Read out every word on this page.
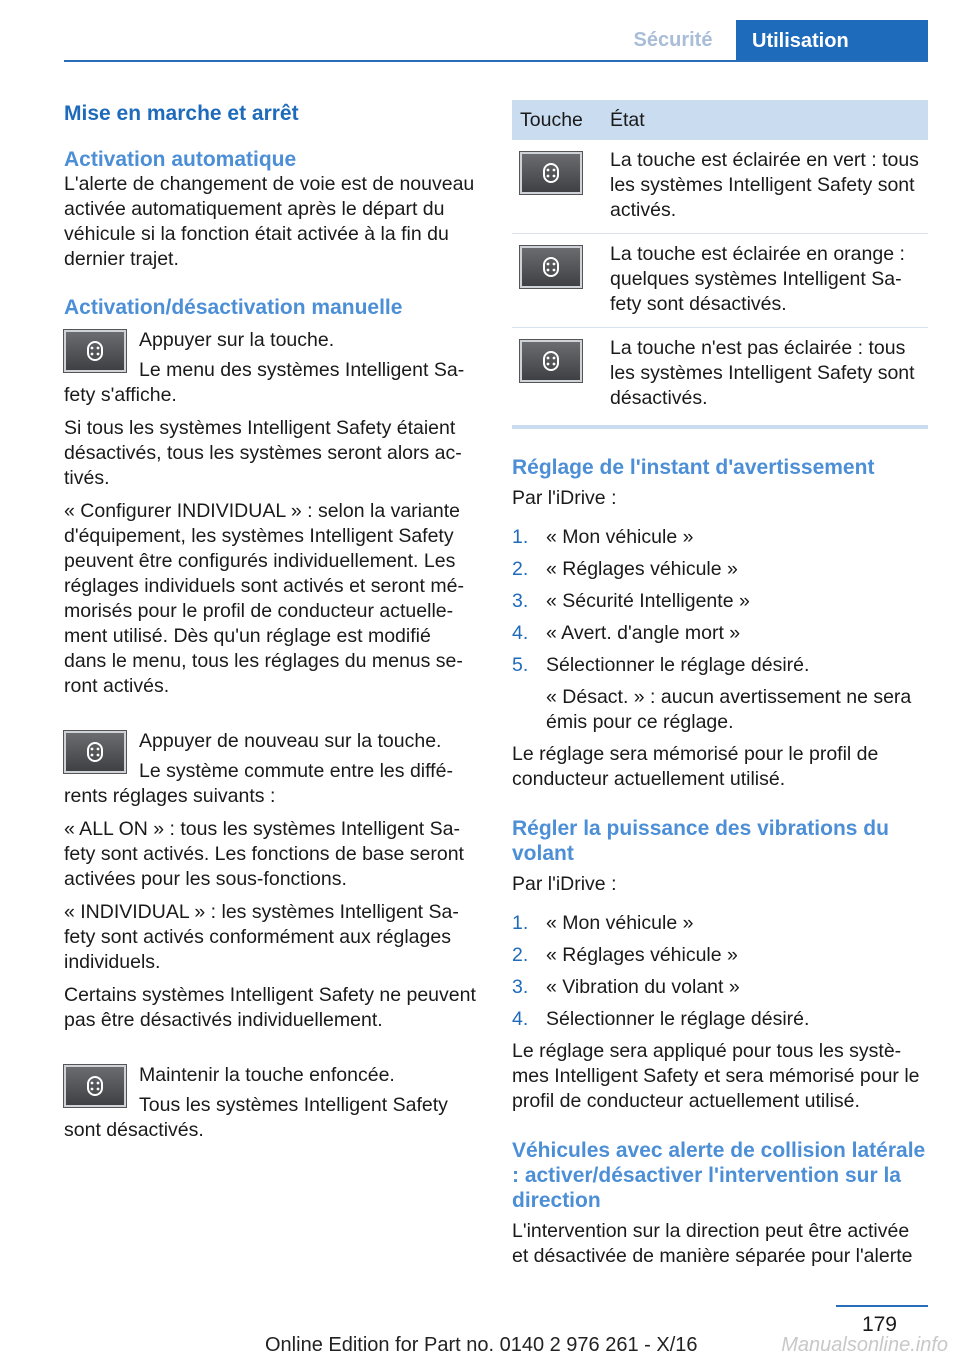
Sécurité	Utilisation
Mise en marche et arrêt
Activation automatique

L'alerte de changement de voie est de nouveau activée automatiquement après le départ du véhicule si la fonction était activée à la fin du dernier trajet.

Activation/désactivation manuelle

Appuyer sur la touche.

Le menu des systèmes Intelligent Safety s'affiche.

Si tous les systèmes Intelligent Safety étaient désactivés, tous les systèmes seront alors activés.

« Configurer INDIVIDUAL » : selon la variante d'équipement, les systèmes Intelligent Safety peuvent être configurés individuellement. Les réglages individuels sont activés et seront mémorisés pour le profil de conducteur actuellement utilisé. Dès qu'un réglage est modifié dans le menu, tous les réglages du menus seront activés.

Appuyer de nouveau sur la touche.

Le système commute entre les différents réglages suivants :

« ALL ON » : tous les systèmes Intelligent Safety sont activés. Les fonctions de base seront activées pour les sous-fonctions.

« INDIVIDUAL » : les systèmes Intelligent Safety sont activés conformément aux réglages individuels.

Certains systèmes Intelligent Safety ne peuvent pas être désactivés individuellement.

Maintenir la touche enfoncée.

Tous les systèmes Intelligent Safety sont désactivés.

Touche	État

	La touche est éclairée en vert : tous les systèmes Intelligent Safety sont activés.

	La touche est éclairée en orange : quelques systèmes Intelligent Safety sont désactivés.

	La touche n'est pas éclairée : tous les systèmes Intelligent Safety sont désactivés.
Réglage de l'instant d'avertissement

Par l'iDrive :

1. « Mon véhicule »
2. « Réglages véhicule »
3. « Sécurité Intelligente »
4. « Avert. d'angle mort »
5. Sélectionner le réglage désiré.

« Désact. » : aucun avertissement ne sera émis pour ce réglage.

Le réglage sera mémorisé pour le profil de conducteur actuellement utilisé.

Régler la puissance des vibrations du volant

Par l'iDrive :

1. « Mon véhicule »
2. « Réglages véhicule »
3. « Vibration du volant »
4. Sélectionner le réglage désiré.

Le réglage sera appliqué pour tous les systèmes Intelligent Safety et sera mémorisé pour le profil de conducteur actuellement utilisé.

Véhicules avec alerte de collision latérale : activer/désactiver l'intervention sur la direction

L'intervention sur la direction peut être activée et désactivée de manière séparée pour l'alerte

179
Online Edition for Part no. 0140 2 976 261 - X/16	Manualsonline.info
